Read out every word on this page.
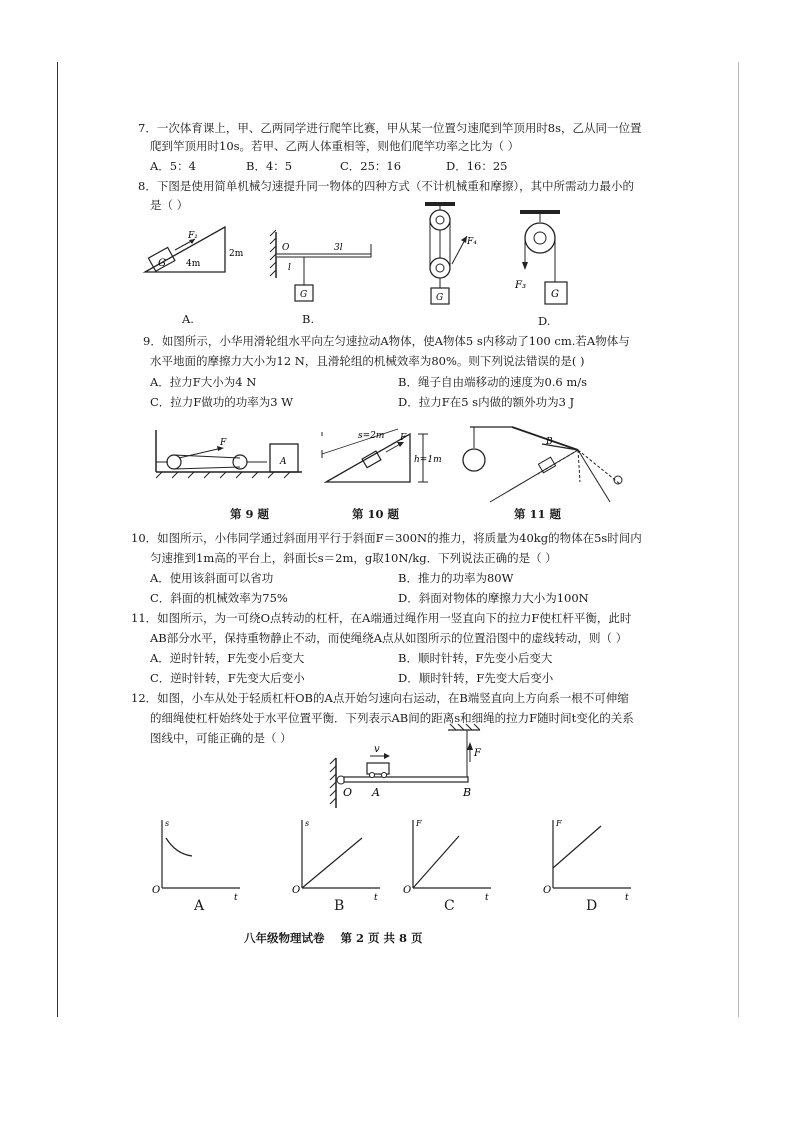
7．一次体育课上，甲、乙两同学进行爬竿比赛，甲从某一位置匀速爬到竿顶用时8s，乙从同一位置
爬到竿顶用时10s。若甲、乙两人体重相等，则他们爬竿功率之比为（ ）
A．5：4	B．4：5	C．25：16	D．16：25
8．下图是使用简单机械匀速提升同一物体的四种方式（不计机械重和摩擦），其中所需动力最小的
是（ ）
G
F₁
4m
2m
A.
O	3l
l
G
B.
F₄
G
F₃
G
D.
9．如图所示，小华用滑轮组水平向左匀速拉动A物体，使A物体5 s内移动了100 cm.若A物体与
水平地面的摩擦力大小为12 N，且滑轮组的机械效率为80%。则下列说法错误的是( )
A．拉力F大小为4 N	B．绳子自由端移动的速度为0.6 m/s
C．拉力F做功的功率为3 W	D．拉力F在5 s内做的额外功为3 J
F
A
F
s=2m
h=1m
B
第 9 题	第 10 题	第 11 题
10．如图所示，小伟同学通过斜面用平行于斜面F＝300N的推力，将质量为40kg的物体在5s时间内
匀速推到1m高的平台上，斜面长s＝2m，g取10N/kg．下列说法正确的是（ ）
A．使用该斜面可以省功	B．推力的功率为80W
C．斜面的机械效率为75%	D．斜面对物体的摩擦力大小为100N
11．如图所示，为一可绕O点转动的杠杆，在A端通过绳作用一竖直向下的拉力F使杠杆平衡，此时
AB部分水平，保持重物静止不动，而使绳绕A点从如图所示的位置沿图中的虚线转动，则（ ）
A．逆时针转，F先变小后变大	B．顺时针转，F先变小后变大
C．逆时针转，F先变大后变小	D．顺时针转，F先变大后变小
12．如图，小车从处于轻质杠杆OB的A点开始匀速向右运动，在B端竖直向上方向系一根不可伸缩
的细绳使杠杆始终处于水平位置平衡．下列表示AB间的距离s和细绳的拉力F随时间t变化的关系
图线中，可能正确的是（ ）
F
v
O A	B
s
O
t
A
s
O
t
B
F
O
t
C
F
O
t
D
八年级物理试卷    第 2 页 共 8 页
